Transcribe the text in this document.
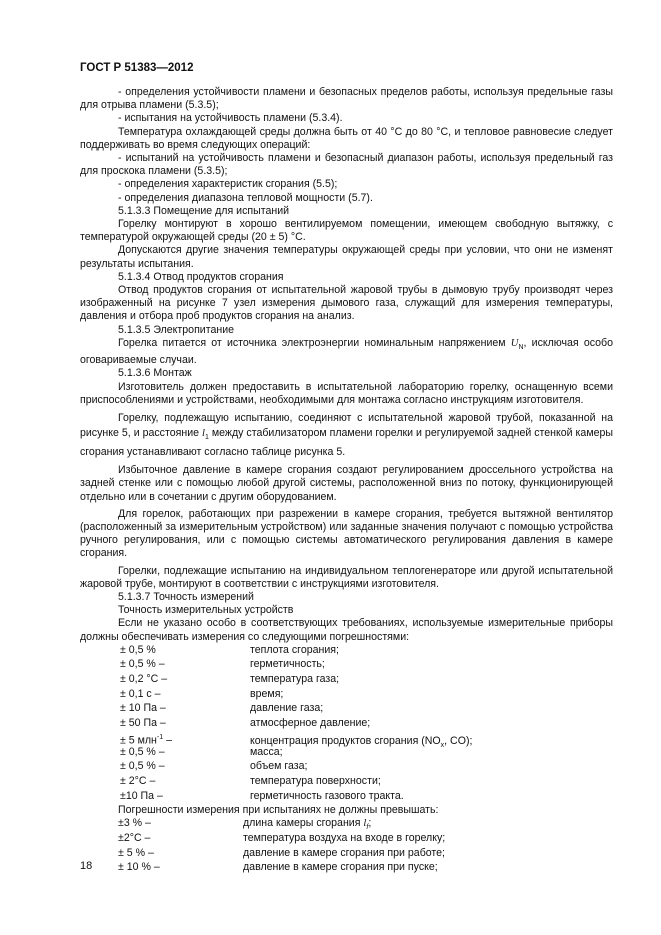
ГОСТ Р 51383—2012

- определения устойчивости пламени и безопасных пределов работы, используя предельные газы для отрыва пламени (5.3.5);

- испытания на устойчивость пламени (5.3.4).

Температура охлаждающей среды должна быть от 40 °С до 80 °С, и тепловое равновесие следует поддерживать во время следующих операций:

- испытаний на устойчивость пламени и безопасный диапазон работы, используя предельный газ для проскока пламени (5.3.5);

- определения характеристик сгорания (5.5);

- определения диапазона тепловой мощности (5.7).

5.1.3.3 Помещение для испытаний

Горелку монтируют в хорошо вентилируемом помещении, имеющем свободную вытяжку, с температурой окружающей среды (20 ± 5) °С.

Допускаются другие значения температуры окружающей среды при условии, что они не изменят результаты испытания.

5.1.3.4 Отвод продуктов сгорания

Отвод продуктов сгорания от испытательной жаровой трубы в дымовую трубу производят через изображенный на рисунке 7 узел измерения дымового газа, служащий для измерения температуры, давления и отбора проб продуктов сгорания на анализ.

5.1.3.5 Электропитание

Горелка питается от источника электроэнергии номинальным напряжением $U_N$, исключая особо оговариваемые случаи.

5.1.3.6 Монтаж

Изготовитель должен предоставить в испытательной лабораторию горелку, оснащенную всеми приспособлениями и устройствами, необходимыми для монтажа согласно инструкциям изготовителя.

Горелку, подлежащую испытанию, соединяют с испытательной жаровой трубой, показанной на рисунке 5, и расстояние $l_1$ между стабилизатором пламени горелки и регулируемой задней стенкой камеры сгорания устанавливают согласно таблице рисунка 5.

Избыточное давление в камере сгорания создают регулированием дроссельного устройства на задней стенке или с помощью любой другой системы, расположенной вниз по потоку, функционирующей отдельно или в сочетании с другим оборудованием.

Для горелок, работающих при разрежении в камере сгорания, требуется вытяжной вентилятор (расположенный за измерительным устройством) или заданные значения получают с помощью устройства ручного регулирования, или с помощью системы автоматического регулирования давления в камере сгорания.

Горелки, подлежащие испытанию на индивидуальном теплогенераторе или другой испытательной жаровой трубе, монтируют в соответствии с инструкциями изготовителя.

5.1.3.7 Точность измерений

Точность измерительных устройств

Если не указано особо в соответствующих требованиях, используемые измерительные приборы должны обеспечивать измерения со следующими погрешностями:

± 0,5 %	теплота сгорания;
± 0,5 % –	герметичность;
± 0,2 °С –	температура газа;
± 0,1 с –	время;
± 10 Па –	давление газа;
± 50 Па –	атмосферное давление;
± 5 млн$^{-1}$ –	концентрация продуктов сгорания ($NO_x$, CO);
± 0,5 % –	масса;
± 0,5 % –	объем газа;
± 2°С –	температура поверхности;
±10 Па –	герметичность газового тракта.

Погрешности измерения при испытаниях не должны превышать:

±3 % –	длина камеры сгорания $l_f$;
±2°С –	температура воздуха на входе в горелку;
± 5 % –	давление в камере сгорания при работе;
± 10 % –	давление в камере сгорания при пуске;
18
